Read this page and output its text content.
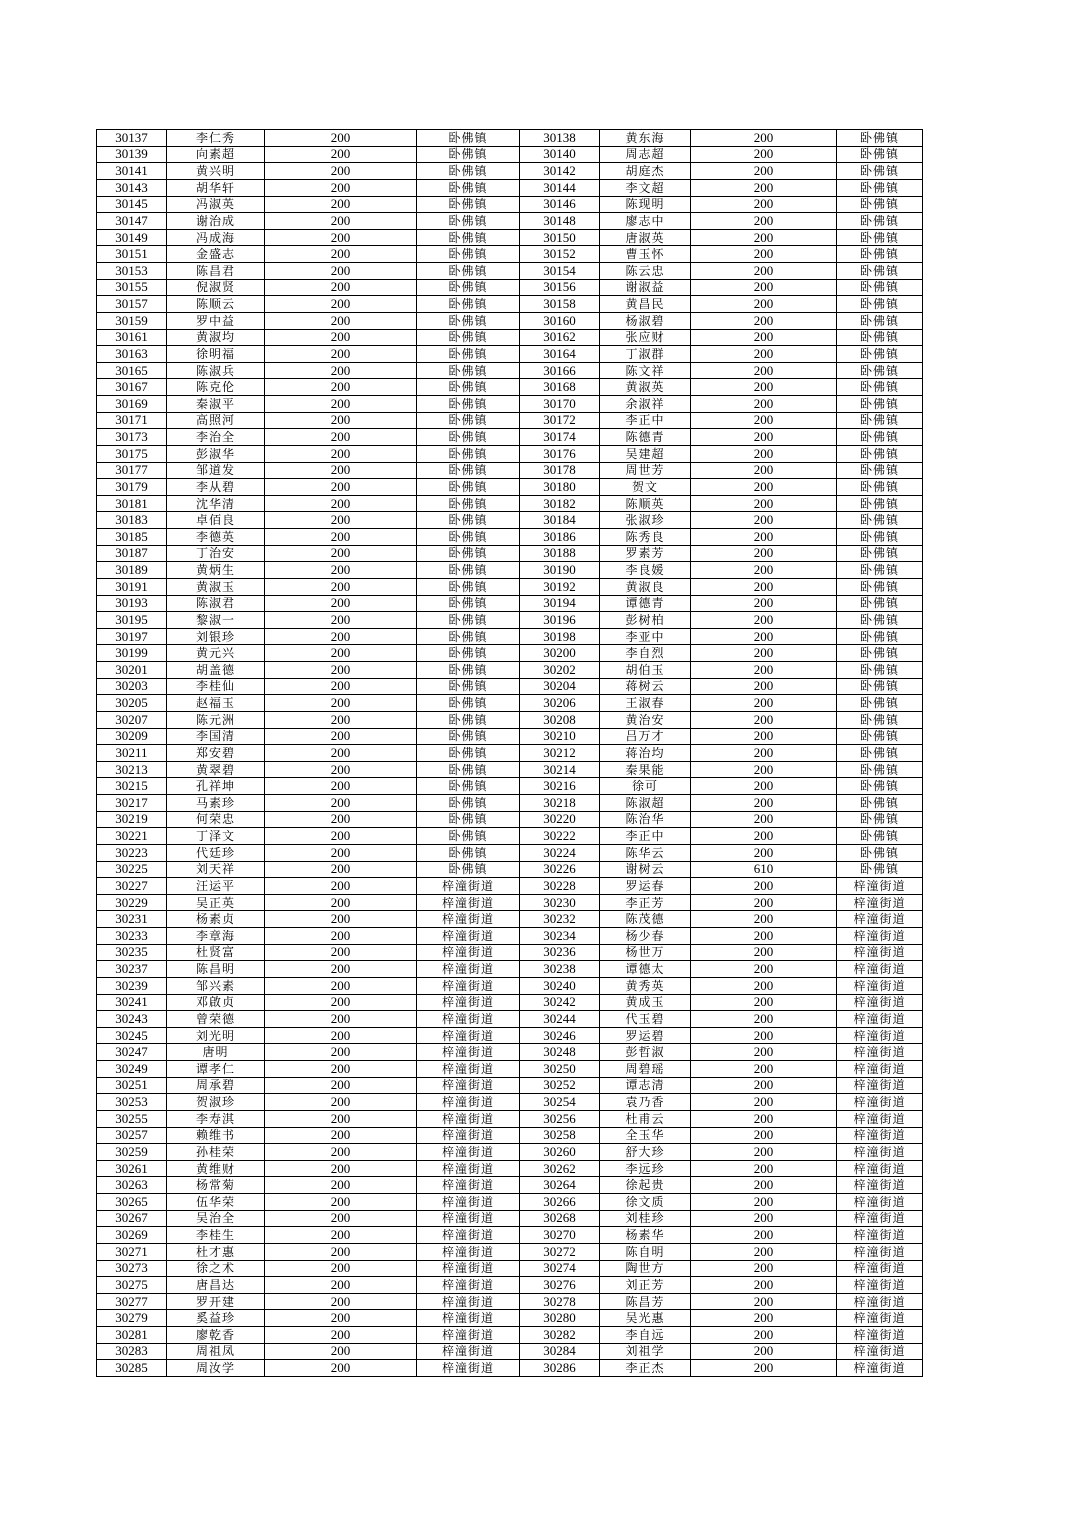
30137	李仁秀	200	卧佛镇	30138	黄东海	200	卧佛镇
30139	向素超	200	卧佛镇	30140	周志超	200	卧佛镇
30141	黄兴明	200	卧佛镇	30142	胡庭杰	200	卧佛镇
30143	胡华轩	200	卧佛镇	30144	李文超	200	卧佛镇
30145	冯淑英	200	卧佛镇	30146	陈现明	200	卧佛镇
30147	谢治成	200	卧佛镇	30148	廖志中	200	卧佛镇
30149	冯成海	200	卧佛镇	30150	唐淑英	200	卧佛镇
30151	金盛志	200	卧佛镇	30152	曹玉怀	200	卧佛镇
30153	陈昌君	200	卧佛镇	30154	陈云忠	200	卧佛镇
30155	倪淑贤	200	卧佛镇	30156	谢淑益	200	卧佛镇
30157	陈顺云	200	卧佛镇	30158	黄昌民	200	卧佛镇
30159	罗中益	200	卧佛镇	30160	杨淑碧	200	卧佛镇
30161	黄淑均	200	卧佛镇	30162	张应财	200	卧佛镇
30163	徐明福	200	卧佛镇	30164	丁淑群	200	卧佛镇
30165	陈淑兵	200	卧佛镇	30166	陈文祥	200	卧佛镇
30167	陈克伦	200	卧佛镇	30168	黄淑英	200	卧佛镇
30169	秦淑平	200	卧佛镇	30170	余淑祥	200	卧佛镇
30171	高照河	200	卧佛镇	30172	李正中	200	卧佛镇
30173	李治全	200	卧佛镇	30174	陈德青	200	卧佛镇
30175	彭淑华	200	卧佛镇	30176	吴建超	200	卧佛镇
30177	邹道发	200	卧佛镇	30178	周世芳	200	卧佛镇
30179	李从碧	200	卧佛镇	30180	贺文	200	卧佛镇
30181	沈华清	200	卧佛镇	30182	陈顺英	200	卧佛镇
30183	卓佰良	200	卧佛镇	30184	张淑珍	200	卧佛镇
30185	李德英	200	卧佛镇	30186	陈秀良	200	卧佛镇
30187	丁治安	200	卧佛镇	30188	罗素芳	200	卧佛镇
30189	黄炳生	200	卧佛镇	30190	李良媛	200	卧佛镇
30191	黄淑玉	200	卧佛镇	30192	黄淑良	200	卧佛镇
30193	陈淑君	200	卧佛镇	30194	谭德青	200	卧佛镇
30195	黎淑一	200	卧佛镇	30196	彭树柏	200	卧佛镇
30197	刘银珍	200	卧佛镇	30198	李亚中	200	卧佛镇
30199	黄元兴	200	卧佛镇	30200	李自烈	200	卧佛镇
30201	胡盖德	200	卧佛镇	30202	胡伯玉	200	卧佛镇
30203	李桂仙	200	卧佛镇	30204	蒋树云	200	卧佛镇
30205	赵福玉	200	卧佛镇	30206	王淑春	200	卧佛镇
30207	陈元洲	200	卧佛镇	30208	黄治安	200	卧佛镇
30209	李国清	200	卧佛镇	30210	吕万才	200	卧佛镇
30211	郑安碧	200	卧佛镇	30212	蒋治均	200	卧佛镇
30213	黄翠碧	200	卧佛镇	30214	秦果能	200	卧佛镇
30215	孔祥坤	200	卧佛镇	30216	徐可	200	卧佛镇
30217	马素珍	200	卧佛镇	30218	陈淑超	200	卧佛镇
30219	何荣忠	200	卧佛镇	30220	陈治华	200	卧佛镇
30221	丁泽文	200	卧佛镇	30222	李正中	200	卧佛镇
30223	代廷珍	200	卧佛镇	30224	陈华云	200	卧佛镇
30225	刘天祥	200	卧佛镇	30226	谢树云	610	卧佛镇
30227	汪运平	200	梓潼街道	30228	罗运春	200	梓潼街道
30229	吴正英	200	梓潼街道	30230	李正芳	200	梓潼街道
30231	杨素贞	200	梓潼街道	30232	陈茂德	200	梓潼街道
30233	李章海	200	梓潼街道	30234	杨少春	200	梓潼街道
30235	杜贤富	200	梓潼街道	30236	杨世万	200	梓潼街道
30237	陈昌明	200	梓潼街道	30238	谭德太	200	梓潼街道
30239	邹兴素	200	梓潼街道	30240	黄秀英	200	梓潼街道
30241	邓啟贞	200	梓潼街道	30242	黄成玉	200	梓潼街道
30243	曾荣德	200	梓潼街道	30244	代玉碧	200	梓潼街道
30245	刘光明	200	梓潼街道	30246	罗运碧	200	梓潼街道
30247	唐明	200	梓潼街道	30248	彭哲淑	200	梓潼街道
30249	谭孝仁	200	梓潼街道	30250	周碧瑶	200	梓潼街道
30251	周承碧	200	梓潼街道	30252	谭志清	200	梓潼街道
30253	贺淑珍	200	梓潼街道	30254	袁乃香	200	梓潼街道
30255	李寿淇	200	梓潼街道	30256	杜甫云	200	梓潼街道
30257	赖维书	200	梓潼街道	30258	全玉华	200	梓潼街道
30259	孙桂荣	200	梓潼街道	30260	舒大珍	200	梓潼街道
30261	黄维财	200	梓潼街道	30262	李远珍	200	梓潼街道
30263	杨常菊	200	梓潼街道	30264	徐起贵	200	梓潼街道
30265	伍华荣	200	梓潼街道	30266	徐文质	200	梓潼街道
30267	吴治全	200	梓潼街道	30268	刘桂珍	200	梓潼街道
30269	李桂生	200	梓潼街道	30270	杨素华	200	梓潼街道
30271	杜才惠	200	梓潼街道	30272	陈自明	200	梓潼街道
30273	徐之术	200	梓潼街道	30274	陶世方	200	梓潼街道
30275	唐昌达	200	梓潼街道	30276	刘正芳	200	梓潼街道
30277	罗开建	200	梓潼街道	30278	陈昌芳	200	梓潼街道
30279	奚益珍	200	梓潼街道	30280	吴光惠	200	梓潼街道
30281	廖乾香	200	梓潼街道	30282	李自远	200	梓潼街道
30283	周祖凤	200	梓潼街道	30284	刘祖学	200	梓潼街道
30285	周汝学	200	梓潼街道	30286	李正杰	200	梓潼街道
